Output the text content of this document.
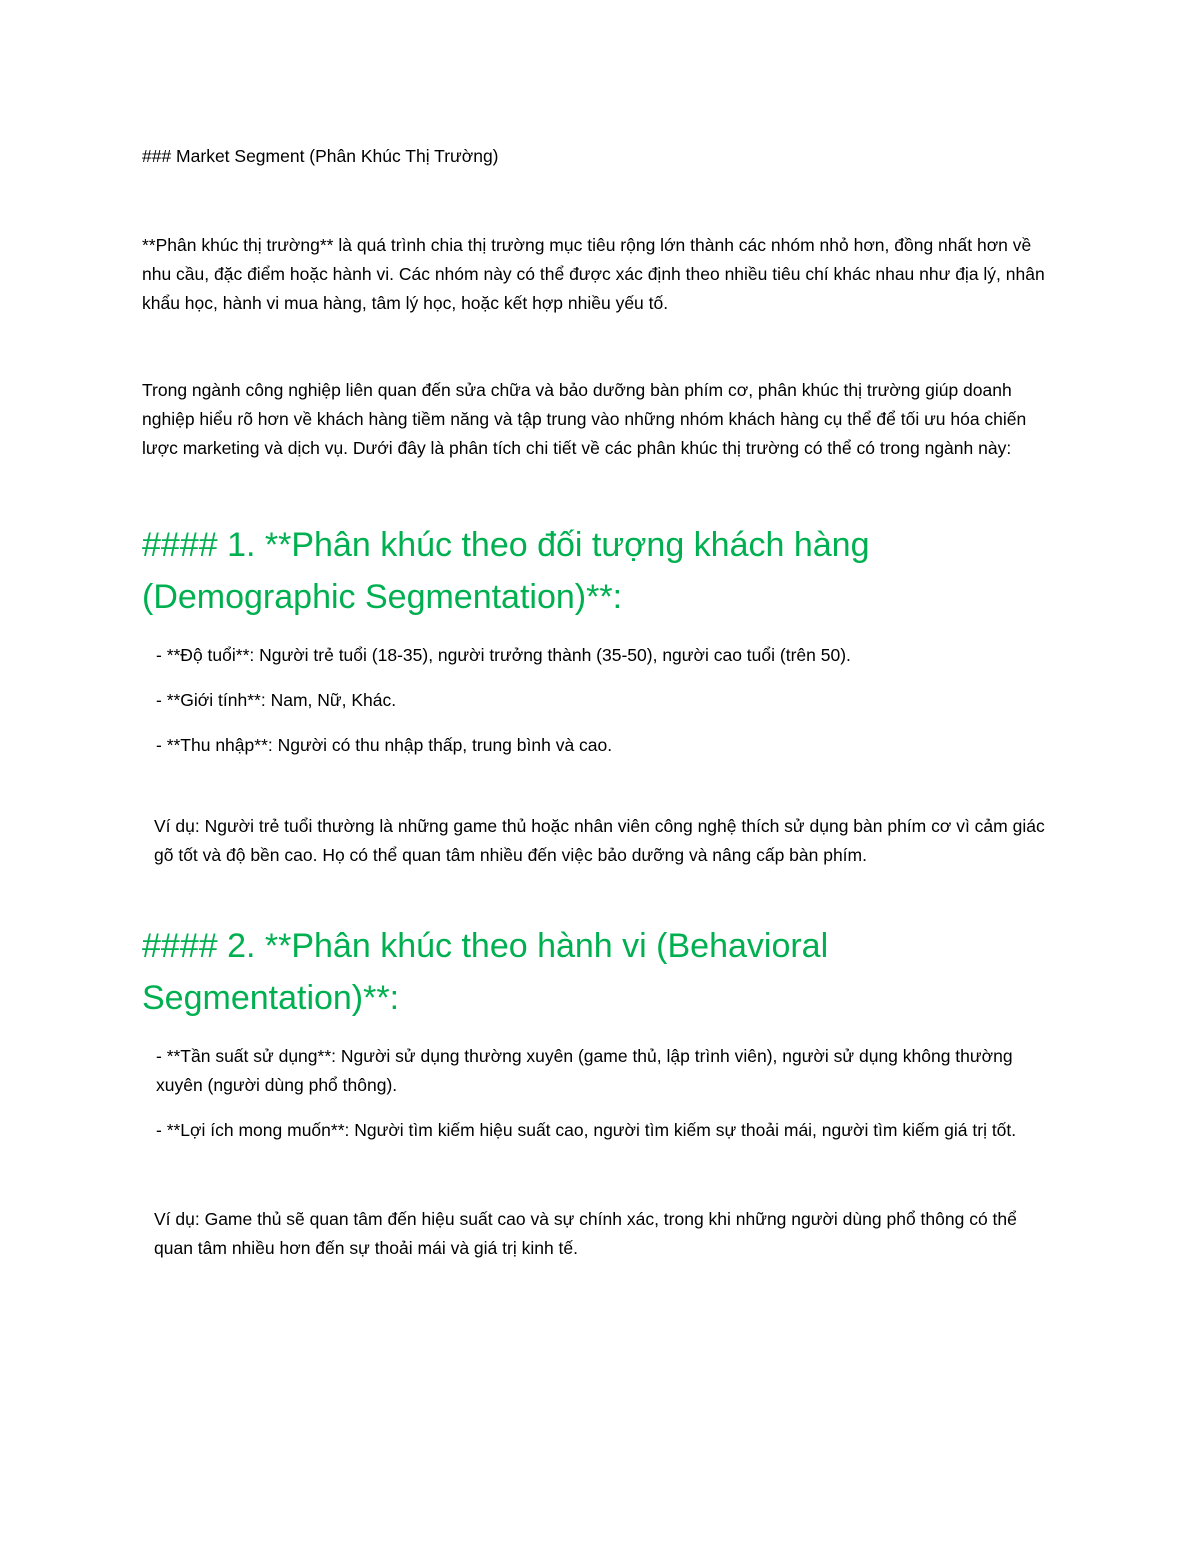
### Market Segment (Phân Khúc Thị Trường)

**Phân khúc thị trường** là quá trình chia thị trường mục tiêu rộng lớn thành các nhóm nhỏ hơn, đồng nhất hơn về nhu cầu, đặc điểm hoặc hành vi. Các nhóm này có thể được xác định theo nhiều tiêu chí khác nhau như địa lý, nhân khẩu học, hành vi mua hàng, tâm lý học, hoặc kết hợp nhiều yếu tố.

Trong ngành công nghiệp liên quan đến sửa chữa và bảo dưỡng bàn phím cơ, phân khúc thị trường giúp doanh nghiệp hiểu rõ hơn về khách hàng tiềm năng và tập trung vào những nhóm khách hàng cụ thể để tối ưu hóa chiến lược marketing và dịch vụ. Dưới đây là phân tích chi tiết về các phân khúc thị trường có thể có trong ngành này:

#### 1. **Phân khúc theo đối tượng khách hàng (Demographic Segmentation)**:

- **Độ tuổi**: Người trẻ tuổi (18-35), người trưởng thành (35-50), người cao tuổi (trên 50).

- **Giới tính**: Nam, Nữ, Khác.

- **Thu nhập**: Người có thu nhập thấp, trung bình và cao.

Ví dụ: Người trẻ tuổi thường là những game thủ hoặc nhân viên công nghệ thích sử dụng bàn phím cơ vì cảm giác gõ tốt và độ bền cao. Họ có thể quan tâm nhiều đến việc bảo dưỡng và nâng cấp bàn phím.

#### 2. **Phân khúc theo hành vi (Behavioral Segmentation)**:

- **Tần suất sử dụng**: Người sử dụng thường xuyên (game thủ, lập trình viên), người sử dụng không thường xuyên (người dùng phổ thông).

- **Lợi ích mong muốn**: Người tìm kiếm hiệu suất cao, người tìm kiếm sự thoải mái, người tìm kiếm giá trị tốt.

Ví dụ: Game thủ sẽ quan tâm đến hiệu suất cao và sự chính xác, trong khi những người dùng phổ thông có thể quan tâm nhiều hơn đến sự thoải mái và giá trị kinh tế.
